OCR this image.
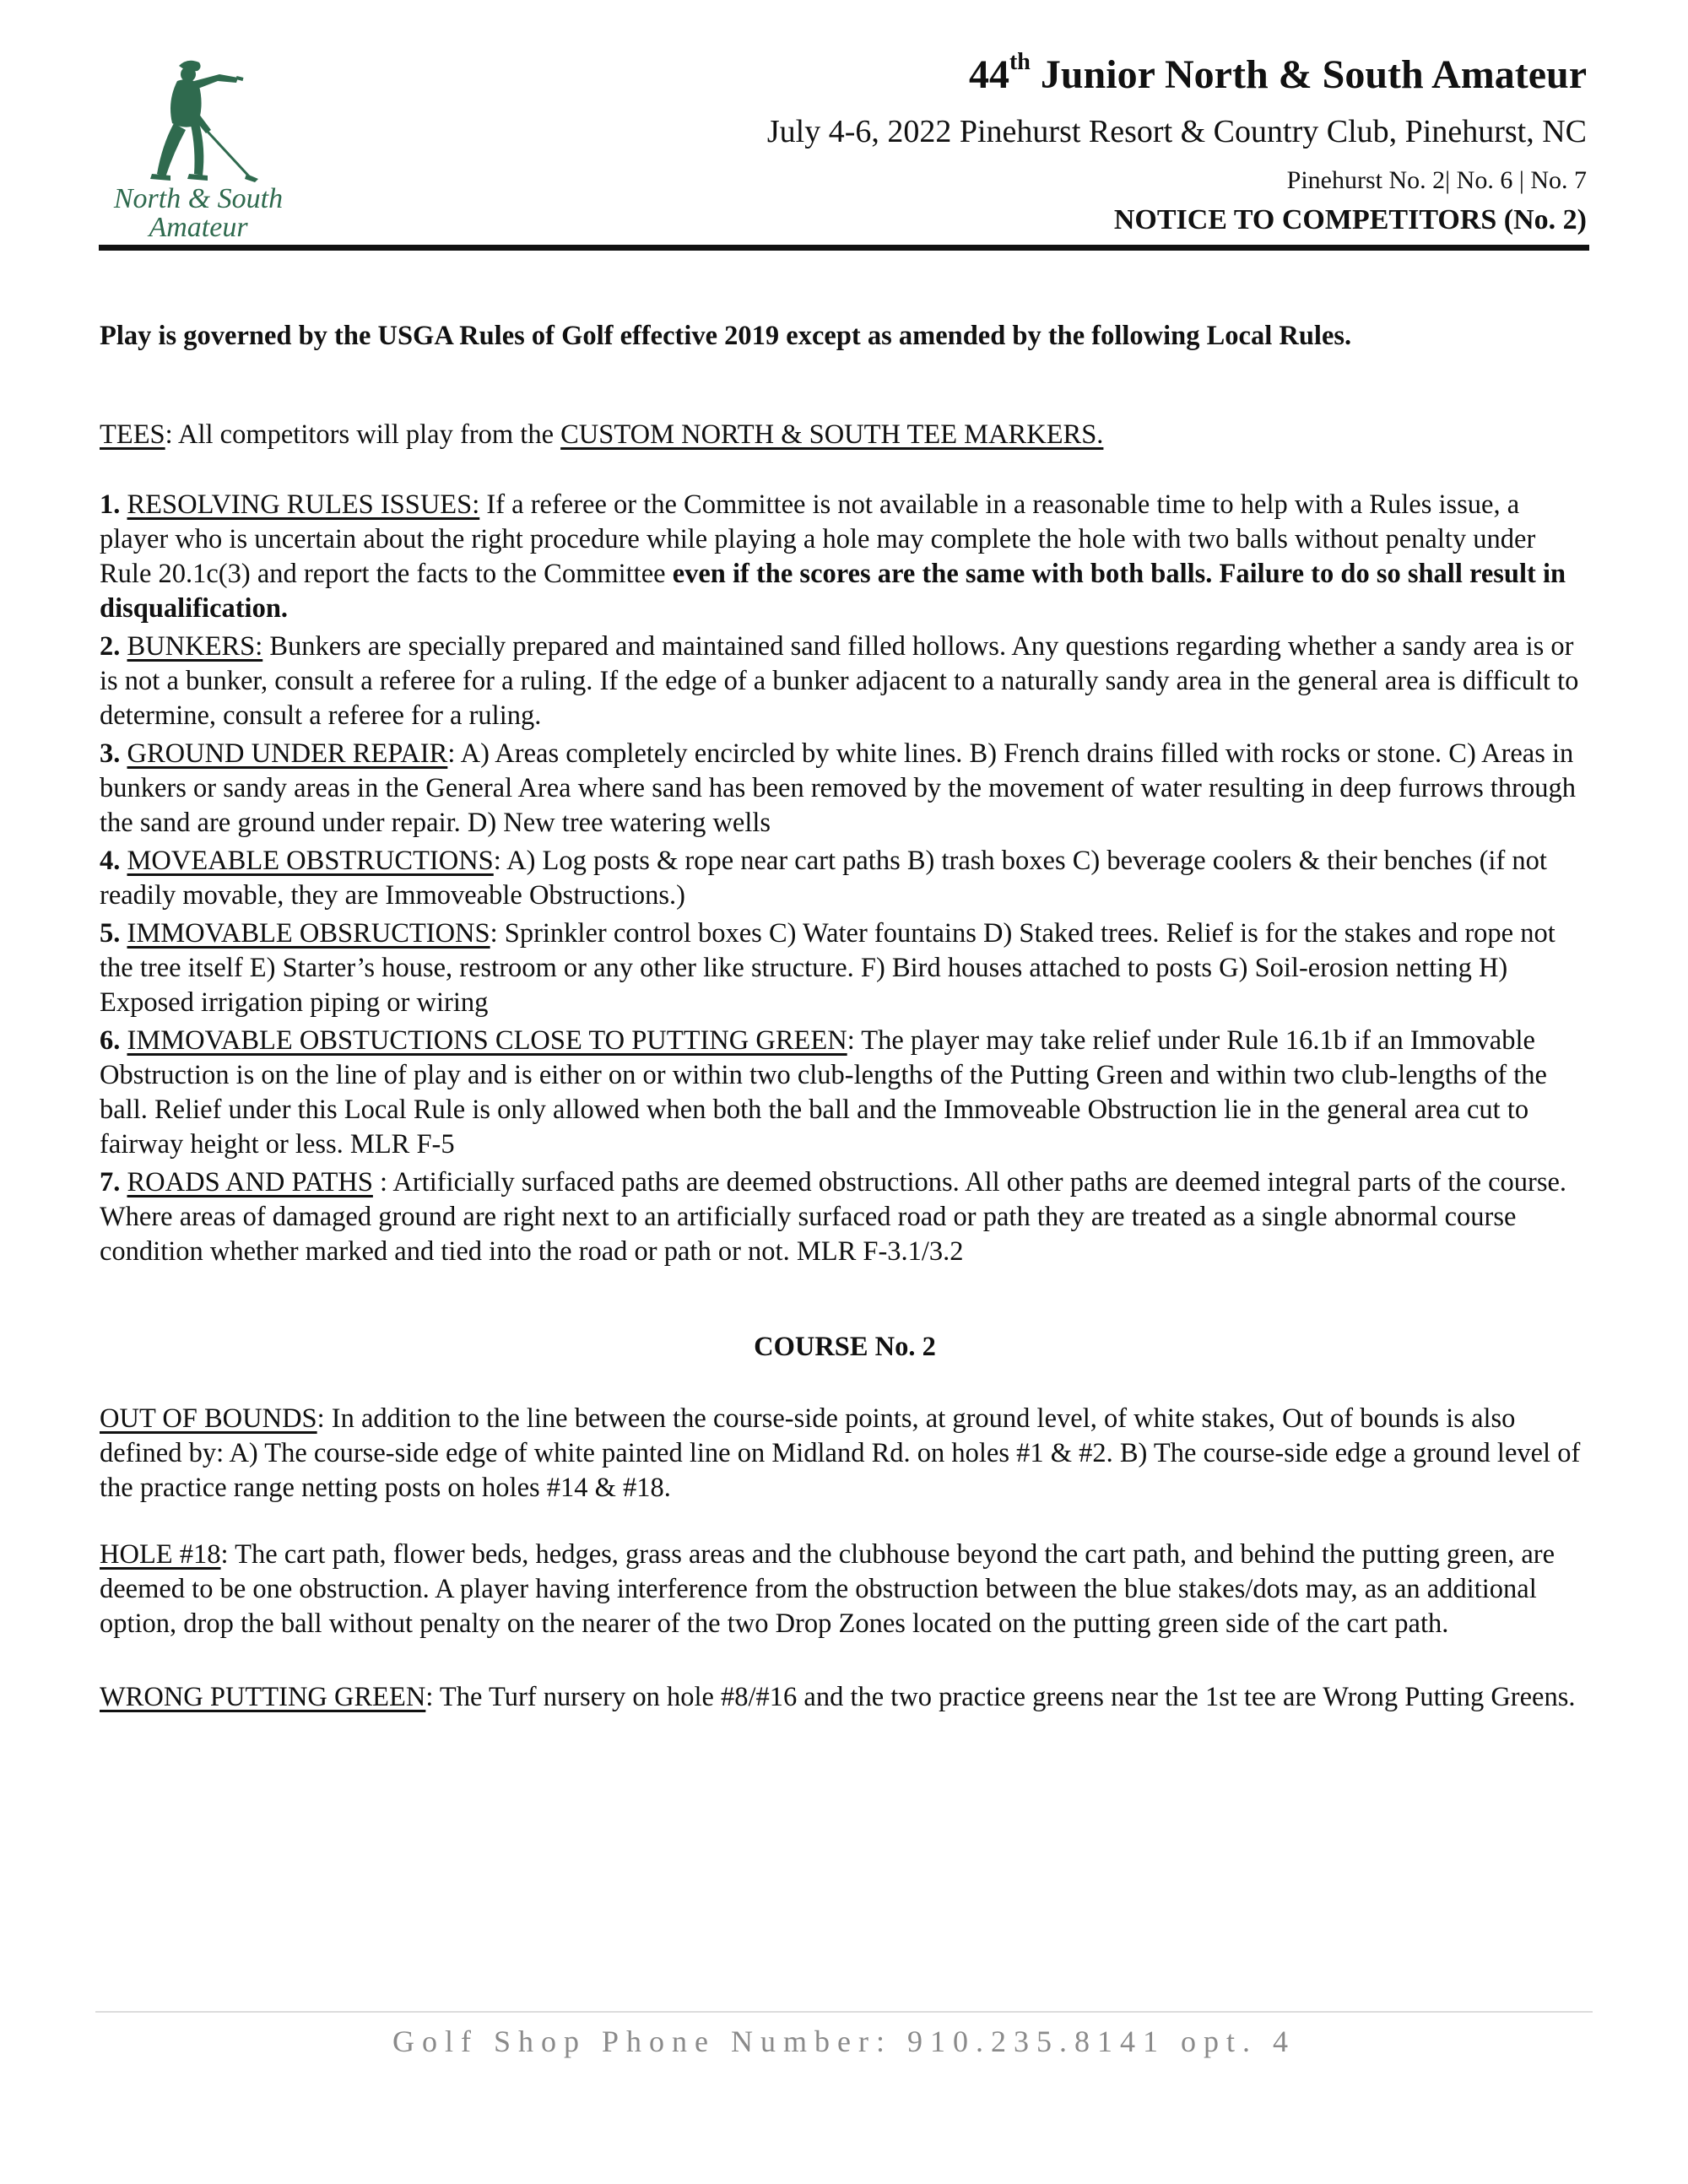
North & South
Amateur
44th Junior North & South Amateur
July 4-6, 2022 Pinehurst Resort & Country Club, Pinehurst, NC
Pinehurst No. 2| No. 6 | No. 7
NOTICE TO COMPETITORS (No. 2)

Play is governed by the USGA Rules of Golf effective 2019 except as amended by the following Local Rules.

TEES: All competitors will play from the CUSTOM NORTH & SOUTH TEE MARKERS.

1. RESOLVING RULES ISSUES: If a referee or the Committee is not available in a reasonable time to help with a Rules issue, a player who is uncertain about the right procedure while playing a hole may complete the hole with two balls without penalty under Rule 20.1c(3) and report the facts to the Committee even if the scores are the same with both balls. Failure to do so shall result in disqualification.

2. BUNKERS: Bunkers are specially prepared and maintained sand filled hollows. Any questions regarding whether a sandy area is or is not a bunker, consult a referee for a ruling. If the edge of a bunker adjacent to a naturally sandy area in the general area is difficult to determine, consult a referee for a ruling.

3. GROUND UNDER REPAIR: A) Areas completely encircled by white lines. B) French drains filled with rocks or stone. C) Areas in bunkers or sandy areas in the General Area where sand has been removed by the movement of water resulting in deep furrows through the sand are ground under repair. D) New tree watering wells

4. MOVEABLE OBSTRUCTIONS: A) Log posts & rope near cart paths B) trash boxes C) beverage coolers & their benches (if not readily movable, they are Immoveable Obstructions.)

5. IMMOVABLE OBSRUCTIONS: Sprinkler control boxes C) Water fountains D) Staked trees. Relief is for the stakes and rope not the tree itself E) Starter’s house, restroom or any other like structure. F) Bird houses attached to posts G) Soil-erosion netting H) Exposed irrigation piping or wiring

6. IMMOVABLE OBSTUCTIONS CLOSE TO PUTTING GREEN: The player may take relief under Rule 16.1b if an Immovable Obstruction is on the line of play and is either on or within two club-lengths of the Putting Green and within two club-lengths of the ball. Relief under this Local Rule is only allowed when both the ball and the Immoveable Obstruction lie in the general area cut to fairway height or less. MLR F-5

7. ROADS AND PATHS : Artificially surfaced paths are deemed obstructions. All other paths are deemed integral parts of the course. Where areas of damaged ground are right next to an artificially surfaced road or path they are treated as a single abnormal course condition whether marked and tied into the road or path or not. MLR F-3.1/3.2

COURSE No. 2

OUT OF BOUNDS: In addition to the line between the course-side points, at ground level, of white stakes, Out of bounds is also defined by: A) The course-side edge of white painted line on Midland Rd. on holes #1 & #2. B) The course-side edge a ground level of the practice range netting posts on holes #14 & #18.

HOLE #18: The cart path, flower beds, hedges, grass areas and the clubhouse beyond the cart path, and behind the putting green, are deemed to be one obstruction. A player having interference from the obstruction between the blue stakes/dots may, as an additional option, drop the ball without penalty on the nearer of the two Drop Zones located on the putting green side of the cart path.

WRONG PUTTING GREEN: The Turf nursery on hole #8/#16 and the two practice greens near the 1st tee are Wrong Putting Greens.

Golf Shop Phone Number: 910.235.8141 opt. 4
